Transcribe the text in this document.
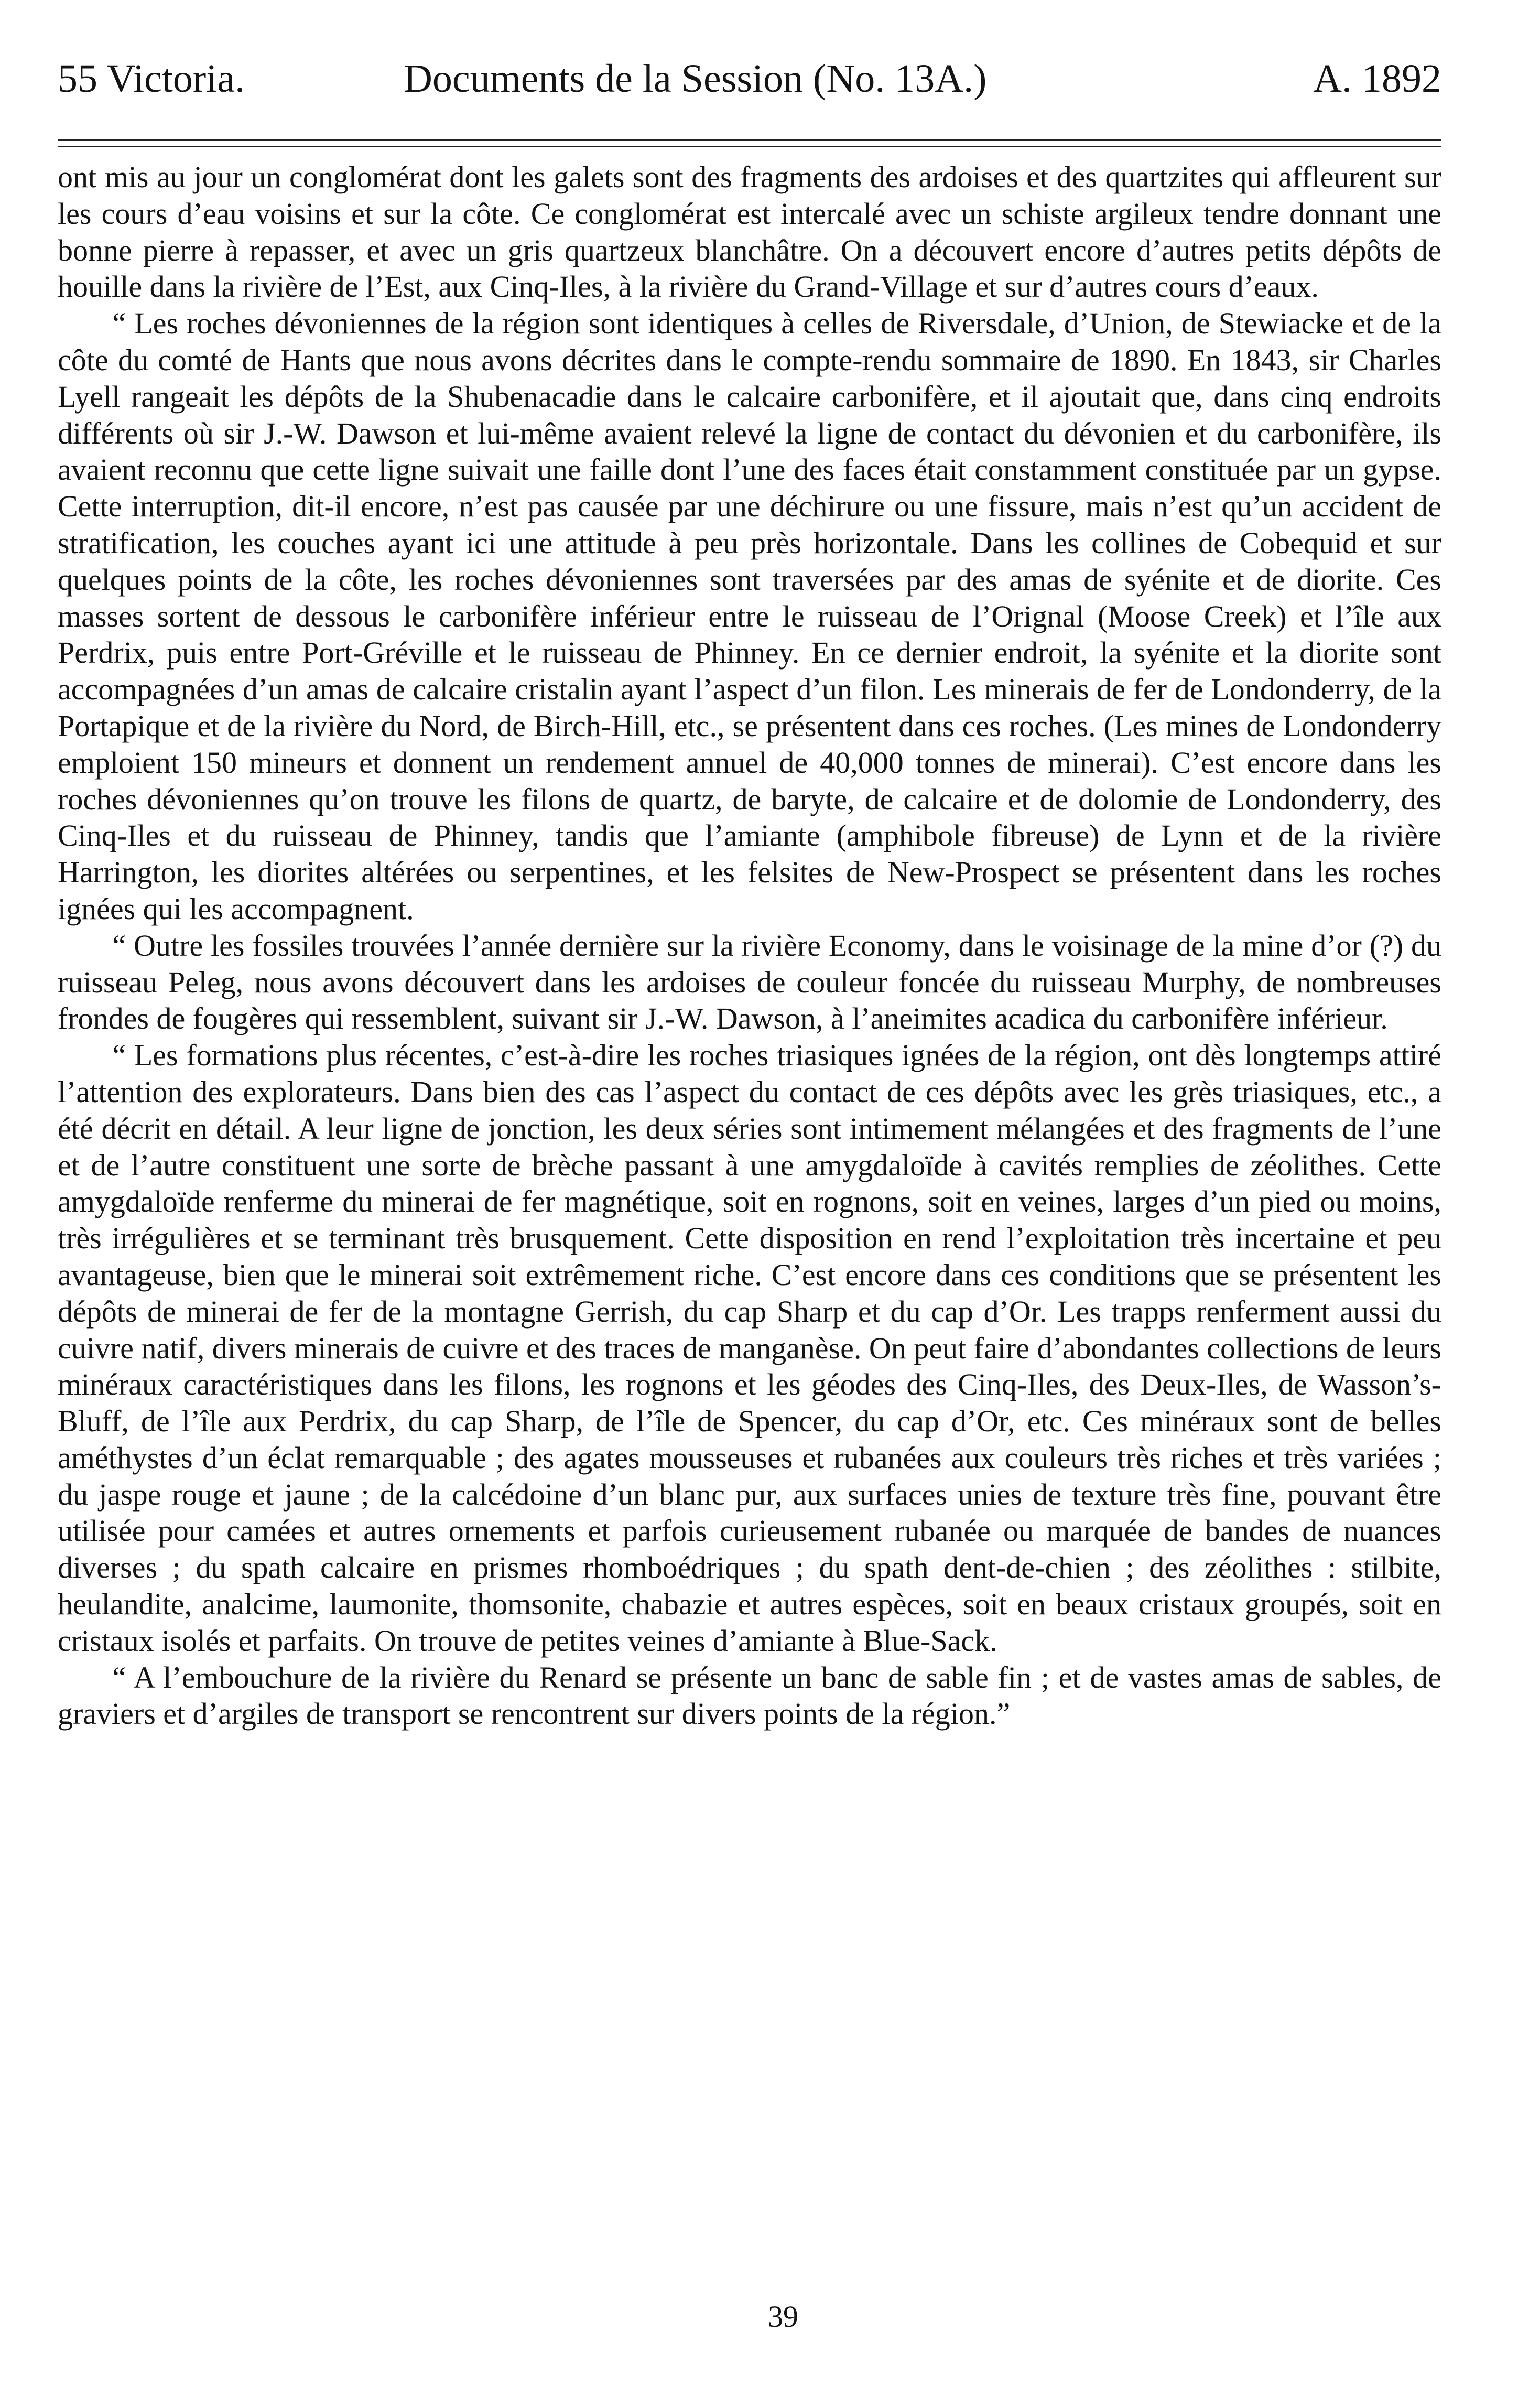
55 Victoria.	Documents de la Session (No. 13A.)	A. 1892

ont mis au jour un conglomérat dont les galets sont des fragments des ardoises et des quartzites qui affleurent sur les cours d’eau voisins et sur la côte. Ce conglomérat est intercalé avec un schiste argileux tendre donnant une bonne pierre à repasser, et avec un gris quartzeux blanchâtre. On a découvert encore d’autres petits dépôts de houille dans la rivière de l’Est, aux Cinq-Iles, à la rivière du Grand-Village et sur d’autres cours d’eaux.

“ Les roches dévoniennes de la région sont identiques à celles de Riversdale, d’Union, de Stewiacke et de la côte du comté de Hants que nous avons décrites dans le compte-rendu sommaire de 1890. En 1843, sir Charles Lyell rangeait les dépôts de la Shubenacadie dans le calcaire carbonifère, et il ajoutait que, dans cinq endroits différents où sir J.-W. Dawson et lui-même avaient relevé la ligne de contact du dévonien et du carbonifère, ils avaient reconnu que cette ligne suivait une faille dont l’une des faces était constamment constituée par un gypse. Cette interruption, dit-il encore, n’est pas causée par une déchirure ou une fissure, mais n’est qu’un accident de stratification, les couches ayant ici une attitude à peu près horizontale. Dans les collines de Cobequid et sur quelques points de la côte, les roches dévoniennes sont traversées par des amas de syénite et de diorite. Ces masses sortent de dessous le carbonifère inférieur entre le ruisseau de l’Orignal (Moose Creek) et l’île aux Perdrix, puis entre Port-Gréville et le ruisseau de Phinney. En ce dernier endroit, la syénite et la diorite sont accompagnées d’un amas de calcaire cristalin ayant l’aspect d’un filon. Les minerais de fer de Londonderry, de la Portapique et de la rivière du Nord, de Birch-Hill, etc., se présentent dans ces roches. (Les mines de Londonderry emploient 150 mineurs et donnent un rendement annuel de 40,000 tonnes de minerai). C’est encore dans les roches dévoniennes qu’on trouve les filons de quartz, de baryte, de calcaire et de dolomie de Londonderry, des Cinq-Iles et du ruisseau de Phinney, tandis que l’amiante (amphibole fibreuse) de Lynn et de la rivière Harrington, les diorites altérées ou serpentines, et les felsites de New-Prospect se présentent dans les roches ignées qui les accompagnent.

“ Outre les fossiles trouvées l’année dernière sur la rivière Economy, dans le voisinage de la mine d’or (?) du ruisseau Peleg, nous avons découvert dans les ardoises de couleur foncée du ruisseau Murphy, de nombreuses frondes de fougères qui ressemblent, suivant sir J.-W. Dawson, à l’aneimites acadica du carbonifère inférieur.

“ Les formations plus récentes, c’est-à-dire les roches triasiques ignées de la région, ont dès longtemps attiré l’attention des explorateurs. Dans bien des cas l’aspect du contact de ces dépôts avec les grès triasiques, etc., a été décrit en détail. A leur ligne de jonction, les deux séries sont intimement mélangées et des fragments de l’une et de l’autre constituent une sorte de brèche passant à une amygdaloïde à cavités remplies de zéolithes. Cette amygdaloïde renferme du minerai de fer magnétique, soit en rognons, soit en veines, larges d’un pied ou moins, très irrégulières et se terminant très brusquement. Cette disposition en rend l’exploitation très incertaine et peu avantageuse, bien que le minerai soit extrêmement riche. C’est encore dans ces conditions que se présentent les dépôts de minerai de fer de la montagne Gerrish, du cap Sharp et du cap d’Or. Les trapps renferment aussi du cuivre natif, divers minerais de cuivre et des traces de manganèse. On peut faire d’abondantes collections de leurs minéraux caractéristiques dans les filons, les rognons et les géodes des Cinq-Iles, des Deux-Iles, de Wasson’s-Bluff, de l’île aux Perdrix, du cap Sharp, de l’île de Spencer, du cap d’Or, etc. Ces minéraux sont de belles améthystes d’un éclat remarquable ; des agates mousseuses et rubanées aux couleurs très riches et très variées ; du jaspe rouge et jaune ; de la calcédoine d’un blanc pur, aux surfaces unies de texture très fine, pouvant être utilisée pour camées et autres ornements et parfois curieusement rubanée ou marquée de bandes de nuances diverses ; du spath calcaire en prismes rhomboédriques ; du spath dent-de-chien ; des zéolithes : stilbite, heulandite, analcime, laumonite, thomsonite, chabazie et autres espèces, soit en beaux cristaux groupés, soit en cristaux isolés et parfaits. On trouve de petites veines d’amiante à Blue-Sack.

“ A l’embouchure de la rivière du Renard se présente un banc de sable fin ; et de vastes amas de sables, de graviers et d’argiles de transport se rencontrent sur divers points de la région.”

39
